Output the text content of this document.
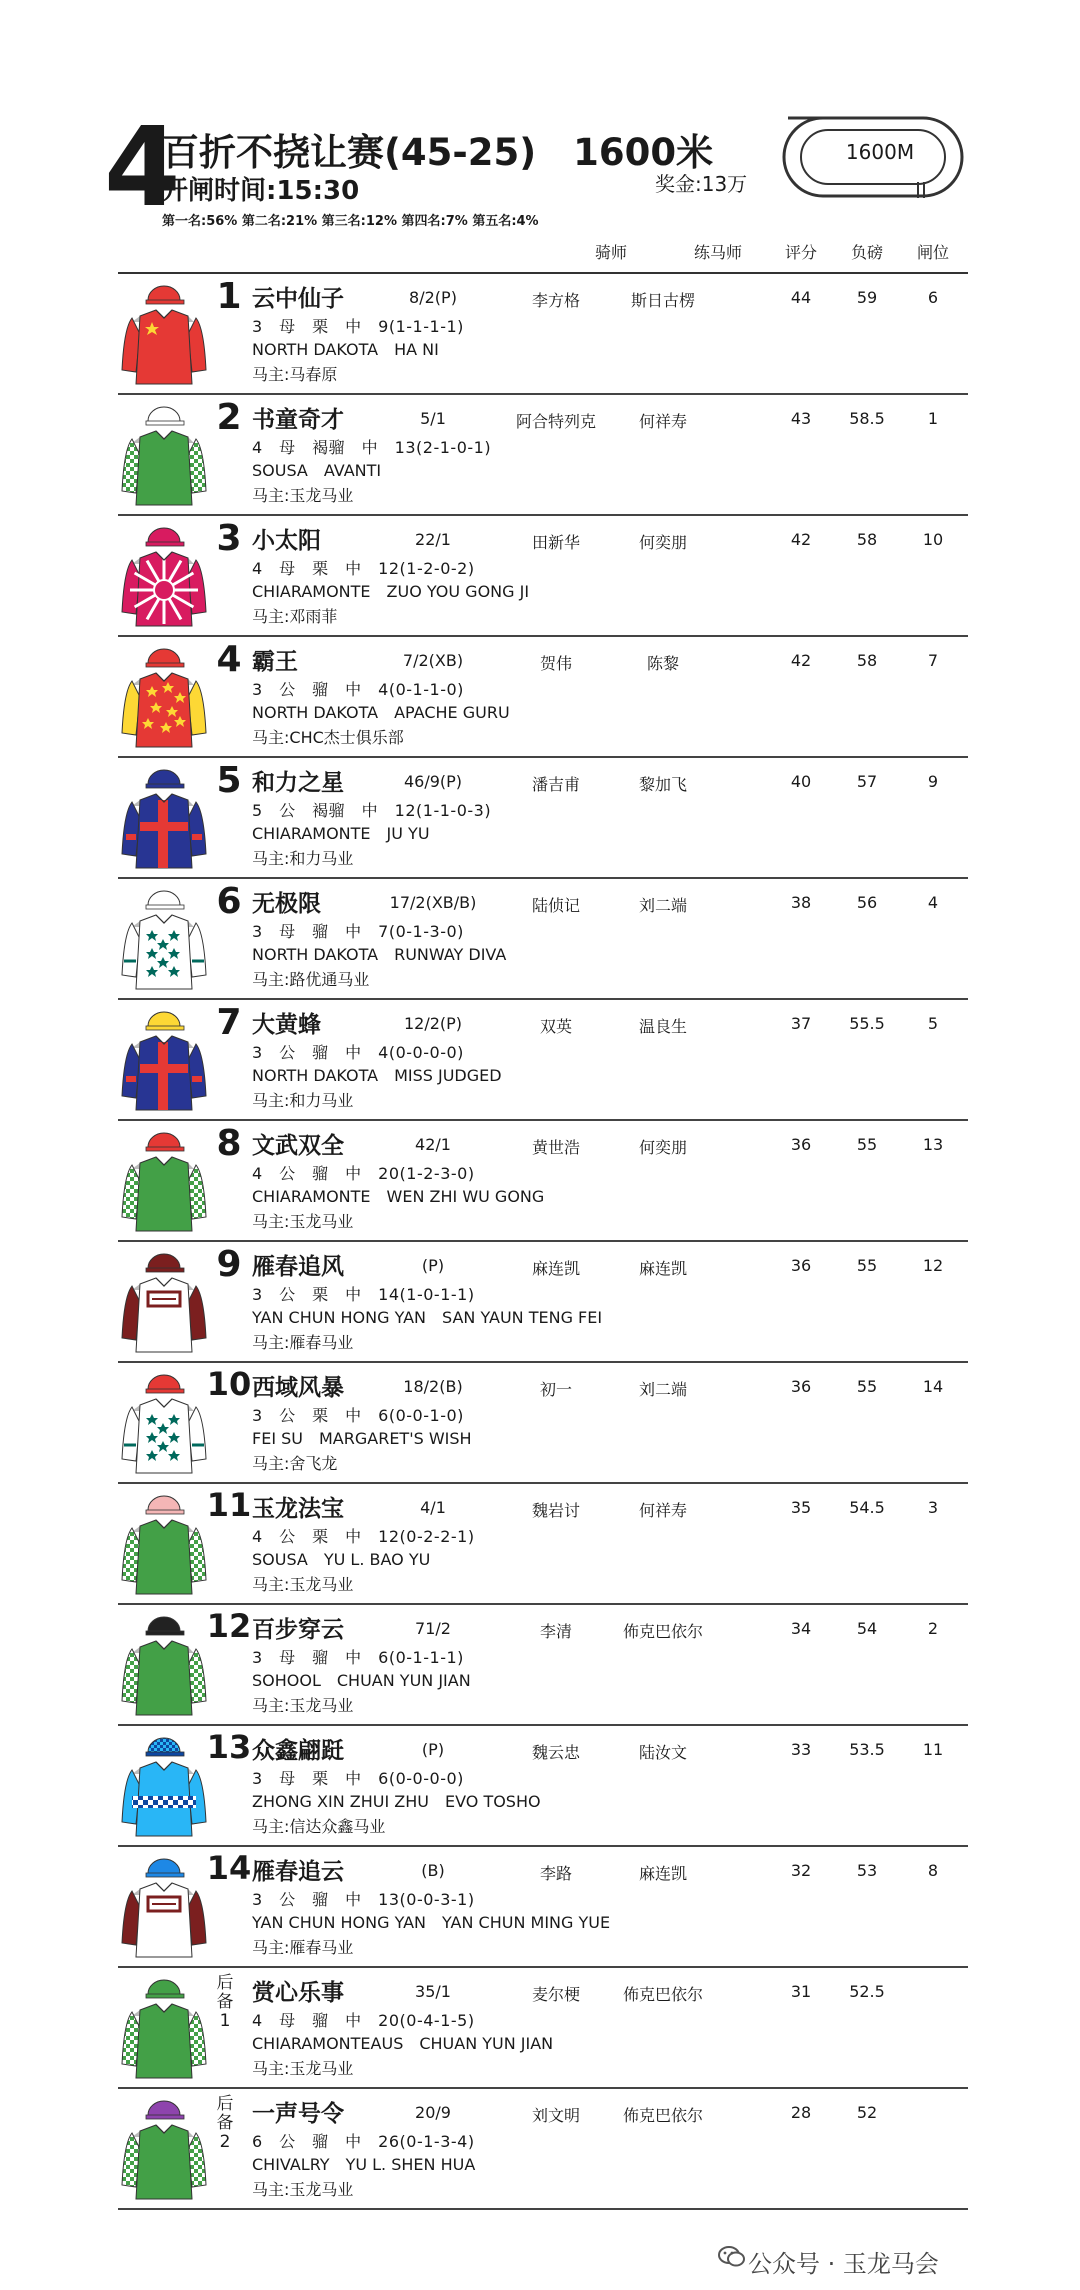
4
百折不挠让赛(45-25)　1600米
开闸时间:15:30	奖金:13万
1600M
第一名:56% 第二名:21% 第三名:12% 第四名:7% 第五名:4%
骑师	练马师	评分	负磅	闸位
1 云中仙子	8/2(P)
3　母　栗　中　9(1-1-1-1)
NORTH DAKOTA　HA NI
马主:马春原
李方格	斯日古楞	44	59	6
2 书童奇才	5/1
4　母　褐骝　中　13(2-1-0-1)
SOUSA　AVANTI
马主:玉龙马业
阿合特列克	何祥寿	43	58.5	1
3 小太阳	22/1
4　母　栗　中　12(1-2-0-2)
CHIARAMONTE　ZUO YOU GONG JI
马主:邓雨菲
田新华	何奕朋	42	58	10
4 霸王	7/2(XB)
3　公　骝　中　4(0-1-1-0)
NORTH DAKOTA　APACHE GURU
马主:CHC杰士俱乐部
贺伟	陈黎	42	58	7
5 和力之星	46/9(P)
5　公　褐骝　中　12(1-1-0-3)
CHIARAMONTE　JU YU
马主:和力马业
潘吉甫	黎加飞	40	57	9
6 无极限	17/2(XB/B)
3　母　骝　中　7(0-1-3-0)
NORTH DAKOTA　RUNWAY DIVA
马主:路优通马业
陆侦记	刘二端	38	56	4
7 大黄蜂	12/2(P)
3　公　骝　中　4(0-0-0-0)
NORTH DAKOTA　MISS JUDGED
马主:和力马业
双英	温良生	37	55.5	5
8 文武双全	42/1
4　公　骝　中　20(1-2-3-0)
CHIARAMONTE　WEN ZHI WU GONG
马主:玉龙马业
黄世浩	何奕朋	36	55	13
9 雁春追风	(P)
3　公　栗　中　14(1-0-1-1)
YAN CHUN HONG YAN　SAN YAUN TENG FEI
马主:雁春马业
麻连凯	麻连凯	36	55	12
10 西域风暴	18/2(B)
3　公　栗　中　6(0-0-1-0)
FEI SU　MARGARET'S WISH
马主:舍飞龙
初一	刘二端	36	55	14
11 玉龙法宝	4/1
4　公　栗　中　12(0-2-2-1)
SOUSA　YU L. BAO YU
马主:玉龙马业
魏岩讨	何祥寿	35	54.5	3
12 百步穿云	71/2
3　母　骝　中　6(0-1-1-1)
SOHOOL　CHUAN YUN JIAN
马主:玉龙马业
李清	佈克巴依尔	34	54	2
13 众鑫翩跹	(P)
3　母　栗　中　6(0-0-0-0)
ZHONG XIN ZHUI ZHU　EVO TOSHO
马主:信达众鑫马业
魏云忠	陆汝文	33	53.5	11
14 雁春追云	(B)
3　公　骝　中　13(0-0-3-1)
YAN CHUN HONG YAN　YAN CHUN MING YUE
马主:雁春马业
李路	麻连凯	32	53	8
后
备
1
赏心乐事	35/1
4　母　骝　中　20(0-4-1-5)
CHIARAMONTEAUS　CHUAN YUN JIAN
马主:玉龙马业
麦尔梗	佈克巴依尔	31	52.5
后
备
2
一声号令	20/9
6　公　骝　中　26(0-1-3-4)
CHIVALRY　YU L. SHEN HUA
马主:玉龙马业
刘文明	佈克巴依尔	28	52
公众号 · 玉龙马会
